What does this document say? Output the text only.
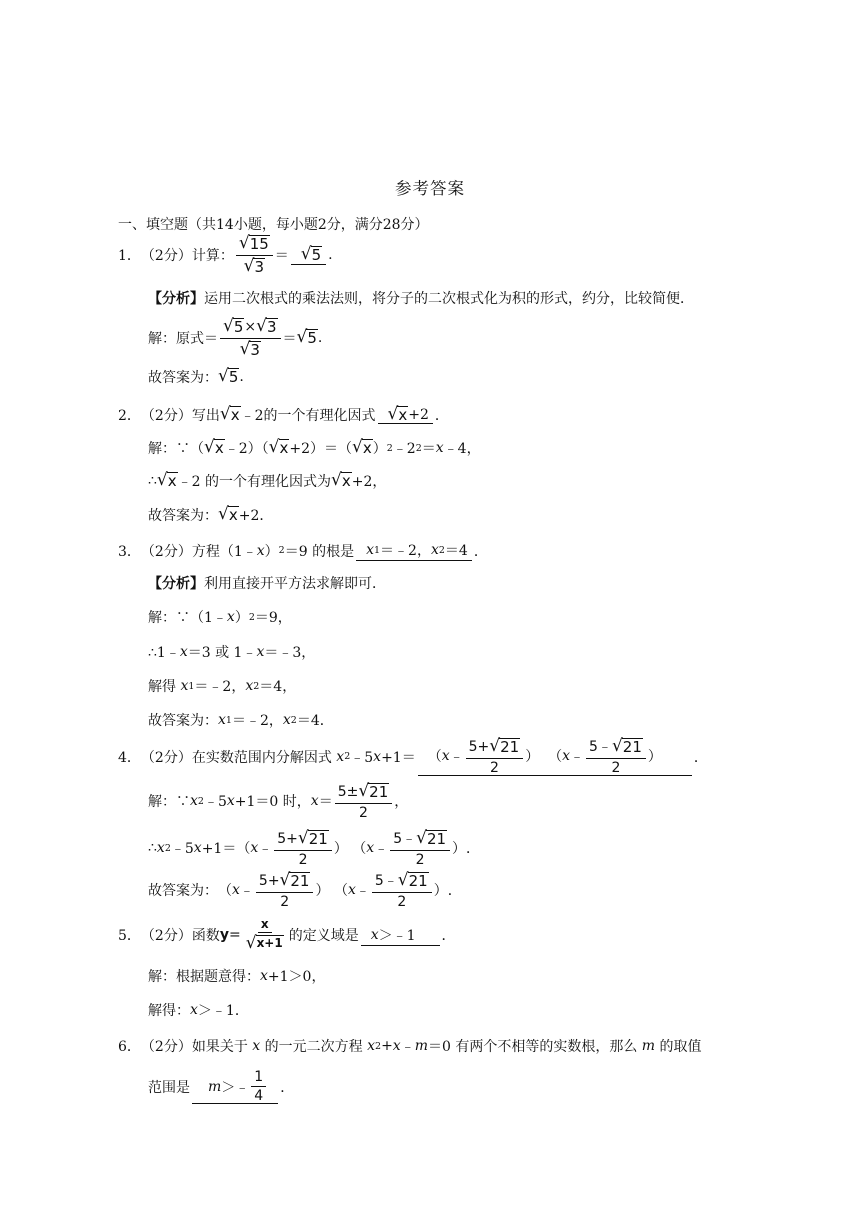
参考答案
一、填空题（共14小题，每小题2分，满分28分）
1． （2分） 计算： $\frac{√ 15}{√ 3}$ ＝ √ 5 .
【分析】 运用二次根式的乘法法则，将分子的二次根式化为积的形式，约分，比较简便．
解：原式＝ $\frac{√ 5 \times √ 3}{√ 3}$ ＝ √ 5 .
故答案为： √ 5 .
2． （2分） 写出 √ x ﹣2 的一个有理化因式 √ x +2 ．
解：∵（ √ x ﹣2）（ √ x +2）＝（ √ x ） 2 ﹣2 2 ＝ x ﹣4，
∴ √ x ﹣2 的一个有理化因式为 √ x +2，
故答案为： √ x +2．
3． （2分） 方程（1﹣ x ） 2 ＝9 的根是 x 1 ＝﹣2， x 2 ＝4 ．
【分析】 利用直接开平方法求解即可．
解：∵（1﹣ x ） 2 ＝9，
∴1﹣ x ＝3 或 1﹣ x ＝﹣3，
解得
x 1 ＝﹣2， x 2 ＝4，
故答案为： x 1 ＝﹣2， x 2 ＝4．
4． （2分） 在实数范围内分解因式
x 2 ﹣5 x +1＝ （ x ﹣ $\frac{5+ √ 21}{2}$ ）
（ x ﹣ $\frac{5﹣ √ 21}{2}$ ） ．
解：∵ x 2 ﹣5 x +1＝0 时， $x = \frac{5\pm √ 21}{2}$ ，
∴ x 2 ﹣5 x +1＝ （ x ﹣ $\frac{5+ √ 21}{2}$ ）
（ x ﹣ $\frac{5﹣ √ 21}{2}$ ） ．
故答案为： （ x ﹣ $\frac{5+ √ 21}{2}$ ）
（ x ﹣ $\frac{5﹣ √ 21}{2}$ ） ．
5． （2分） 函数 $y = \frac{x}{√ x+1}$ 的定义域是 x ＞﹣1 ．
解：根据题意得： x +1＞0，
解得： x ＞﹣1．
6． （2分） 如果关于
x
的一元二次方程
x 2 + x ﹣ m ＝0 有两个不相等的实数根，那么
m
的取值
范围是 m ＞﹣ $\frac{1}{4}$ ．
